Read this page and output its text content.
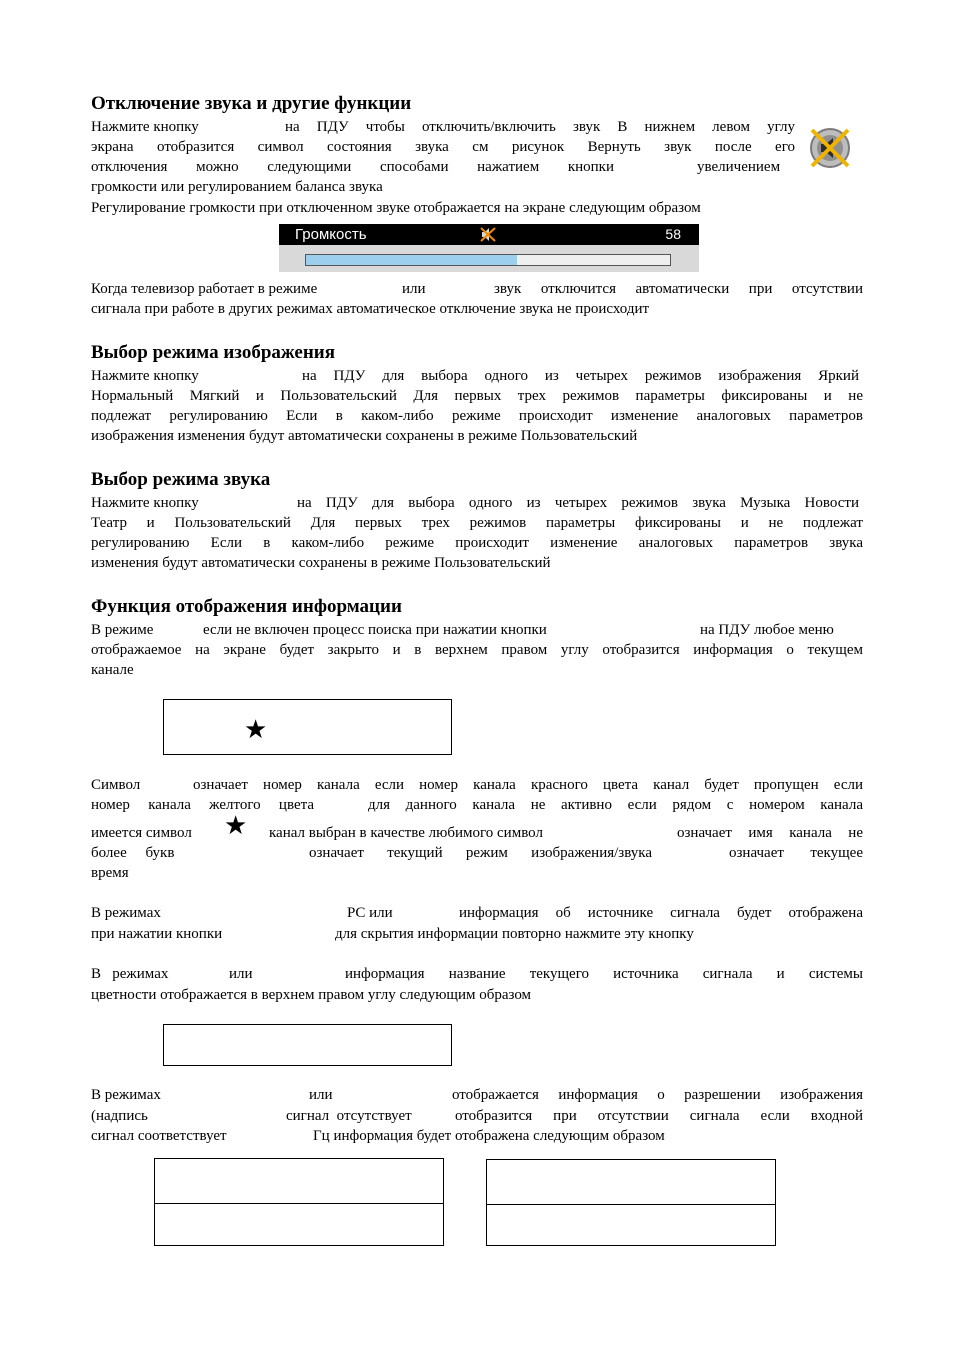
Отключение звука и другие функции
Нажмите кнопку	на ПДУ чтобы отключить/включить звук В нижнем левом углу
экрана отобразится символ состояния звука см рисунок Вернуть звук после его
отключения можно следующими способами нажатием кнопки	увеличением
громкости или регулированием баланса звука
Регулирование громкости при отключенном звуке отображается на экране следующим образом
Громкость	58
Когда телевизор работает в режиме	или	звук отключится автоматически при отсутствии
сигнала при работе в других режимах автоматическое отключение звука не происходит
Выбор режима изображения
Нажмите кнопку	на ПДУ для выбора одного из четырех режимов изображения Яркий
Нормальный Мягкий и Пользовательский Для первых трех режимов параметры фиксированы и не
подлежат регулированию Если в каком-либо режиме происходит изменение аналоговых параметров
изображения изменения будут автоматически сохранены в режиме Пользовательский
Выбор режима звука
Нажмите кнопку	на ПДУ для выбора одного из четырех режимов звука Музыка Новости
Театр и Пользовательский Для первых трех режимов параметры фиксированы и не подлежат
регулированию Если в каком-либо режиме происходит изменение аналоговых параметров звука
изменения будут автоматически сохранены в режиме Пользовательский
Функция отображения информации
В режиме	если не включен процесс поиска при нажатии кнопки	на ПДУ любое меню
отображаемое на экране будет закрыто и в верхнем правом углу отобразится информация о текущем
канале
★
Символ	означает номер канала если номер канала красного цвета канал будет пропущен если
номер канала желтого цвета	для данного канала не активно если рядом с номером канала
имеется символ ★ канал выбран в качестве любимого символ	означает имя канала не
более     букв	означает текущий режим изображения/звука	означает текущее
время
В режимах	PC или	информация об источнике сигнала будет отображена
при нажатии кнопки	для скрытия информации повторно нажмите эту кнопку
В   режимах	или	информация название текущего источника сигнала и системы
цветности отображается в верхнем правом углу следующим образом
В режимах	или	отображается информация о разрешении изображения
(надпись	сигнал  отсутствует	отобразится при отсутствии сигнала если входной
сигнал соответствует	Гц информация будет отображена следующим образом
